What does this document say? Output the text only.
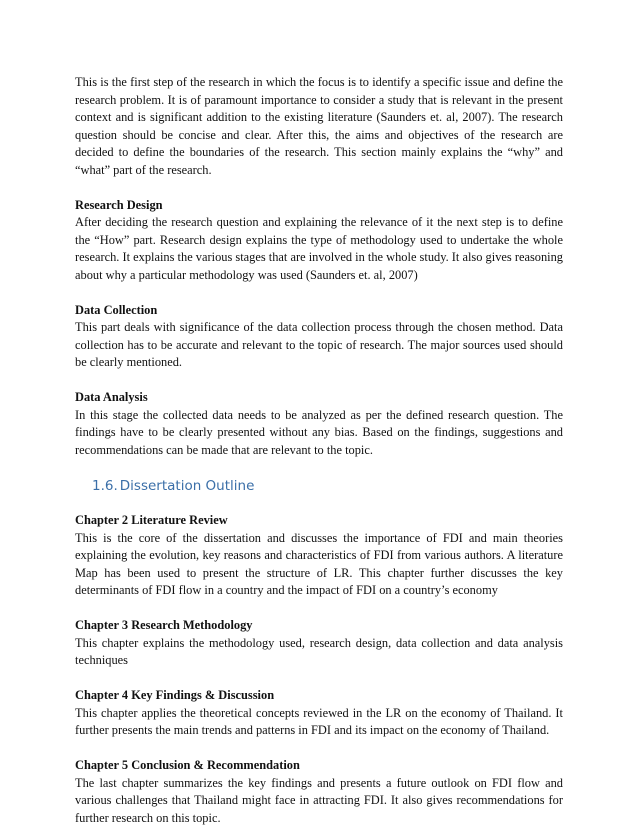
This is the first step of the research in which the focus is to identify a specific issue and define the research problem. It is of paramount importance to consider a study that is relevant in the present context and is significant addition to the existing literature (Saunders et. al, 2007). The research question should be concise and clear. After this, the aims and objectives of the research are decided to define the boundaries of the research. This section mainly explains the “why” and “what” part of the research.

Research Design

After deciding the research question and explaining the relevance of it the next step is to define the “How” part. Research design explains the type of methodology used to undertake the whole research. It explains the various stages that are involved in the whole study. It also gives reasoning about why a particular methodology was used (Saunders et. al, 2007)

Data Collection

This part deals with significance of the data collection process through the chosen method. Data collection has to be accurate and relevant to the topic of research. The major sources used should be clearly mentioned.

Data Analysis

In this stage the collected data needs to be analyzed as per the defined research question. The findings have to be clearly presented without any bias. Based on the findings, suggestions and recommendations can be made that are relevant to the topic.

1.6. Dissertation Outline
Chapter 2 Literature Review

This is the core of the dissertation and discusses the importance of FDI and main theories explaining the evolution, key reasons and characteristics of FDI from various authors. A literature Map has been used to present the structure of LR. This chapter further discusses the key determinants of FDI flow in a country and the impact of FDI on a country’s economy

Chapter 3 Research Methodology

This chapter explains the methodology used, research design, data collection and data analysis techniques

Chapter 4 Key Findings & Discussion

This chapter applies the theoretical concepts reviewed in the LR on the economy of Thailand. It further presents the main trends and patterns in FDI and its impact on the economy of Thailand.

Chapter 5 Conclusion & Recommendation

The last chapter summarizes the key findings and presents a future outlook on FDI flow and various challenges that Thailand might face in attracting FDI. It also gives recommendations for further research on this topic.
